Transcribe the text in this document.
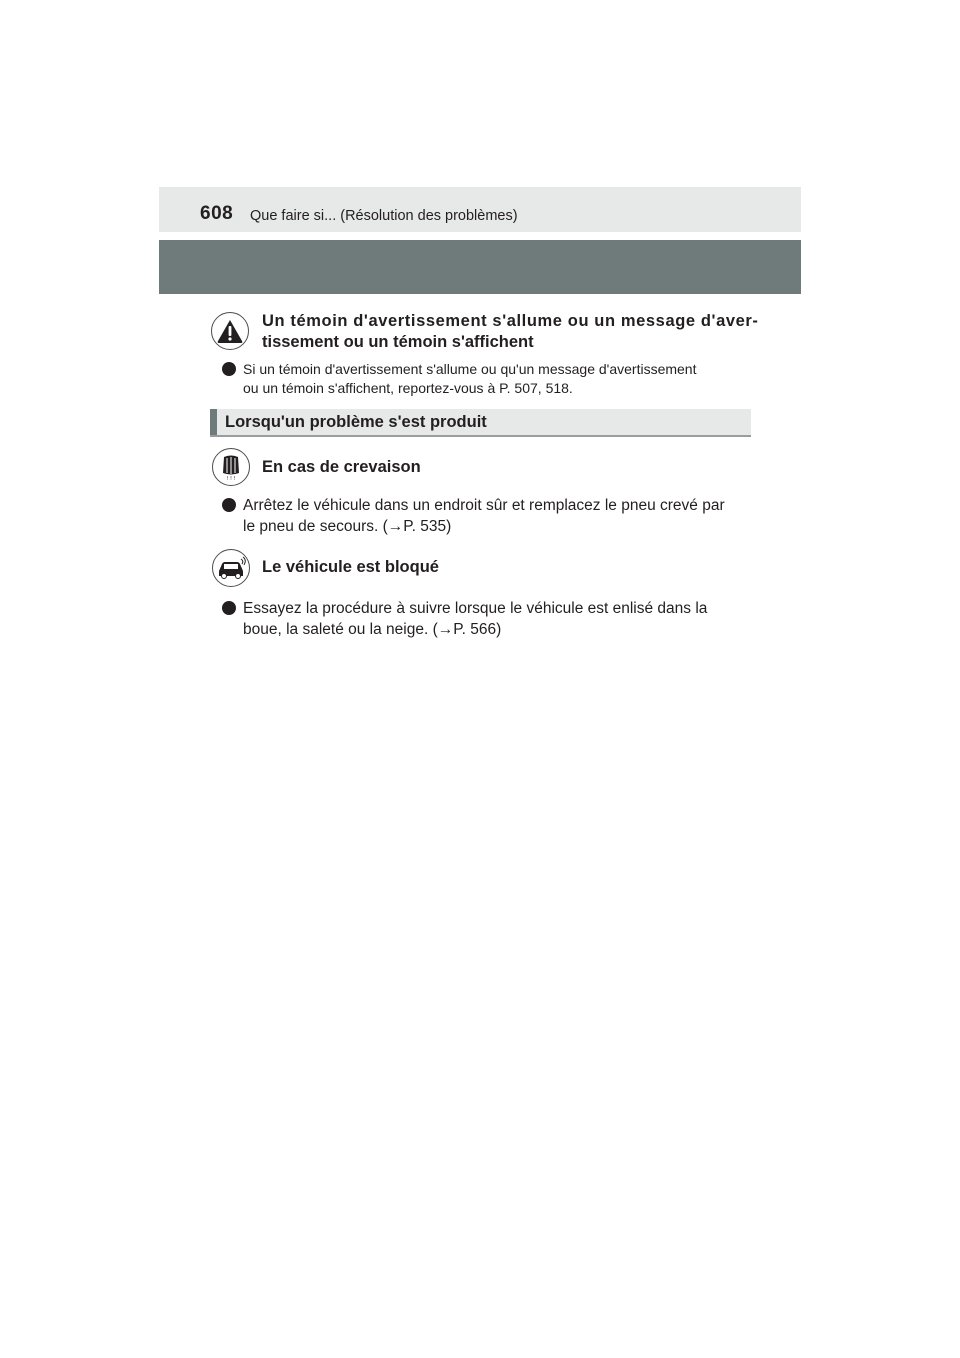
608 Que faire si... (Résolution des problèmes)
Un témoin d'avertissement s'allume ou un message d'aver-
tissement ou un témoin s'affichent
Si un témoin d'avertissement s'allume ou qu'un message d'avertissement
ou un témoin s'affichent, reportez-vous à P. 507, 518.
Lorsqu'un problème s'est produit
! ! !
En cas de crevaison
Arrêtez le véhicule dans un endroit sûr et remplacez le pneu crevé par
le pneu de secours. (→P. 535)
Le véhicule est bloqué
Essayez la procédure à suivre lorsque le véhicule est enlisé dans la
boue, la saleté ou la neige. (→P. 566)
